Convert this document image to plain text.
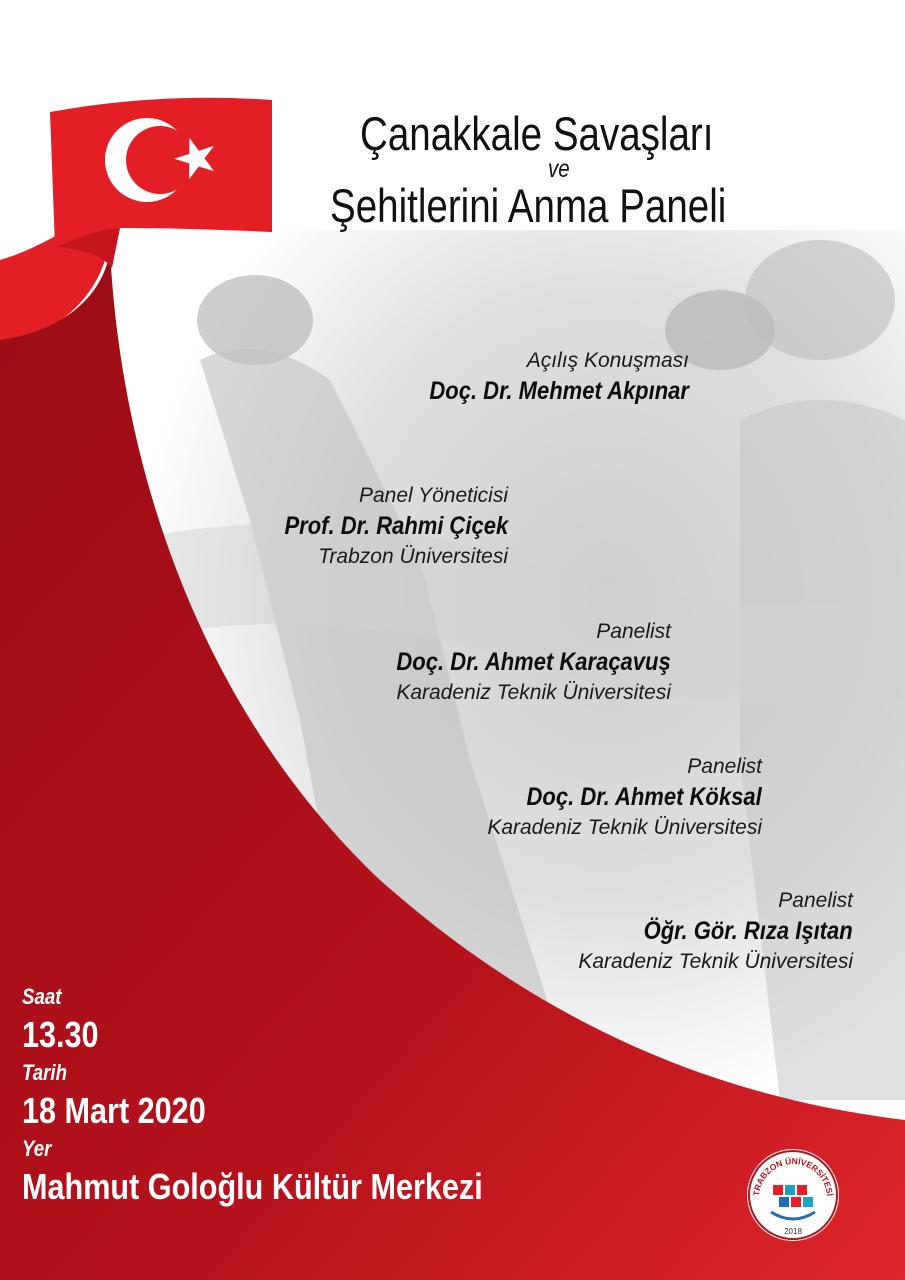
Çanakkale Savaşları
ve
Şehitlerini Anma Paneli
Açılış Konuşması
Doç. Dr. Mehmet Akpınar
Panel Yöneticisi
Prof. Dr. Rahmi Çiçek
Trabzon Üniversitesi
Panelist
Doç. Dr. Ahmet Karaçavuş
Karadeniz Teknik Üniversitesi
Panelist
Doç. Dr. Ahmet Köksal
Karadeniz Teknik Üniversitesi
Panelist
Öğr. Gör. Rıza Işıtan
Karadeniz Teknik Üniversitesi
Saat
13.30
Tarih
18 Mart 2020
Yer
Mahmut Goloğlu Kültür Merkezi	TRABZON ÜNİVERSİTESİ
2018
